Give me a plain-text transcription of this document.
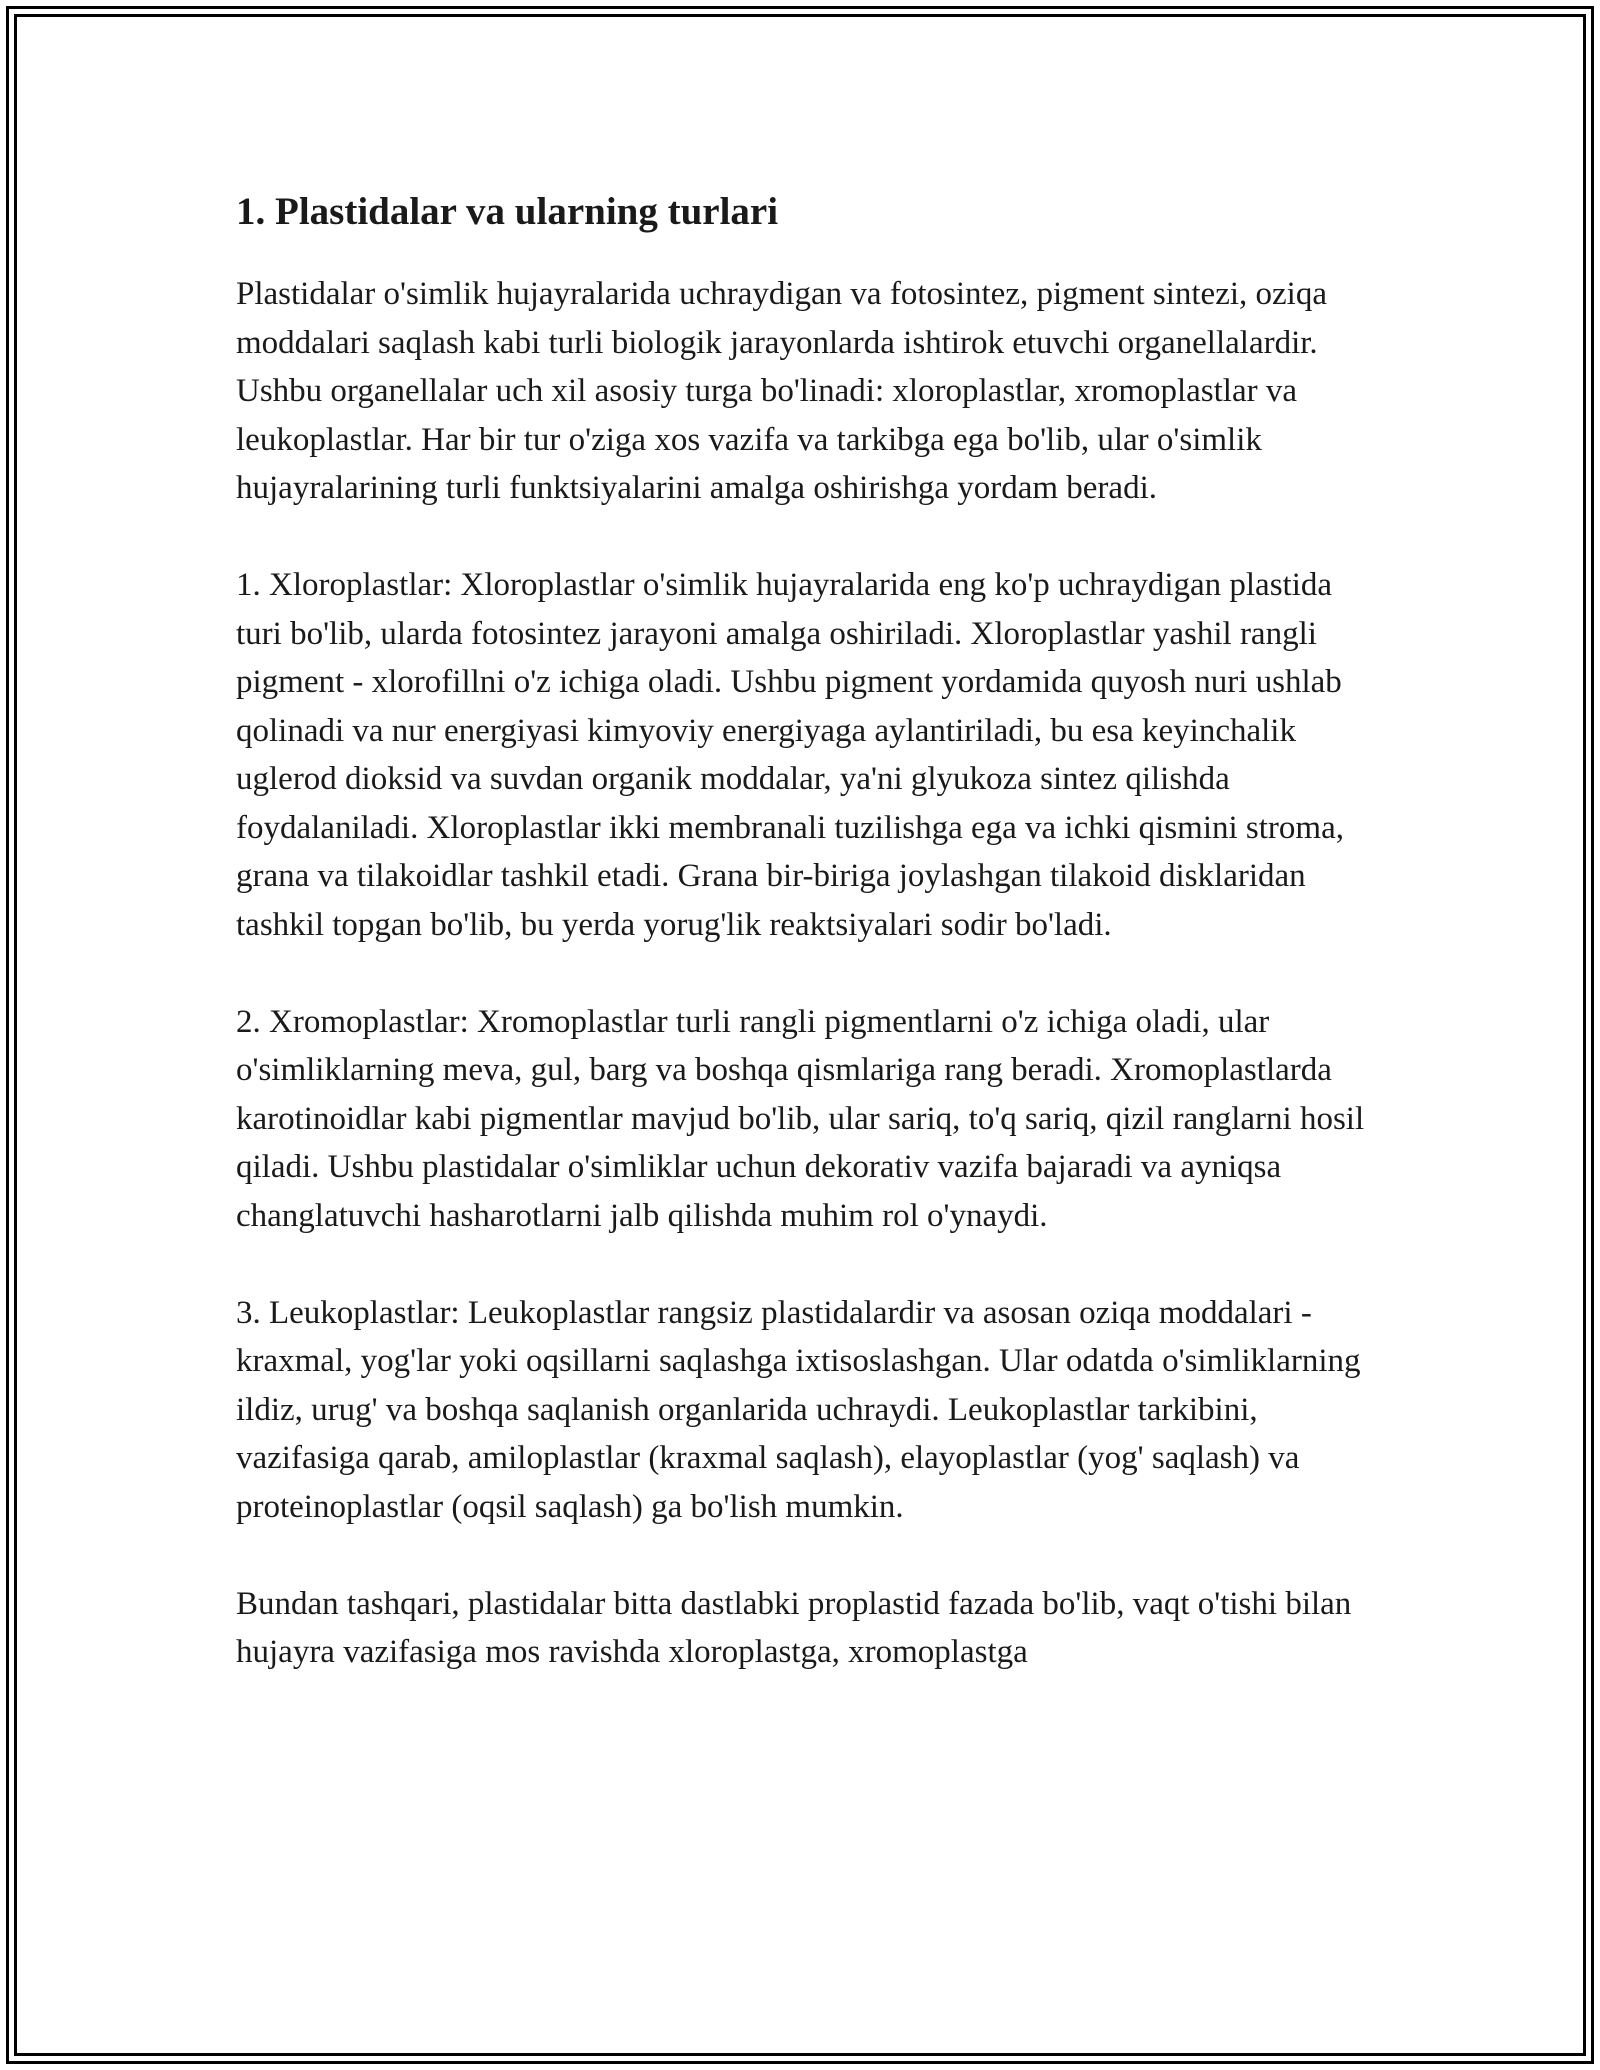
1. Plastidalar va ularning turlari

Plastidalar o'simlik hujayralarida uchraydigan va fotosintez, pigment sintezi, oziqa moddalari saqlash kabi turli biologik jarayonlarda ishtirok etuvchi organellalardir. Ushbu organellalar uch xil asosiy turga bo'linadi: xloroplastlar, xromoplastlar va leukoplastlar. Har bir tur o'ziga xos vazifa va tarkibga ega bo'lib, ular o'simlik hujayralarining turli funktsiyalarini amalga oshirishga yordam beradi.

1. Xloroplastlar: Xloroplastlar o'simlik hujayralarida eng ko'p uchraydigan plastida turi bo'lib, ularda fotosintez jarayoni amalga oshiriladi. Xloroplastlar yashil rangli pigment - xlorofillni o'z ichiga oladi. Ushbu pigment yordamida quyosh nuri ushlab qolinadi va nur energiyasi kimyoviy energiyaga aylantiriladi, bu esa keyinchalik uglerod dioksid va suvdan organik moddalar, ya'ni glyukoza sintez qilishda foydalaniladi. Xloroplastlar ikki membranali tuzilishga ega va ichki qismini stroma, grana va tilakoidlar tashkil etadi. Grana bir-biriga joylashgan tilakoid disklaridan tashkil topgan bo'lib, bu yerda yorug'lik reaktsiyalari sodir bo'ladi.

2. Xromoplastlar: Xromoplastlar turli rangli pigmentlarni o'z ichiga oladi, ular o'simliklarning meva, gul, barg va boshqa qismlariga rang beradi. Xromoplastlarda karotinoidlar kabi pigmentlar mavjud bo'lib, ular sariq, to'q sariq, qizil ranglarni hosil qiladi. Ushbu plastidalar o'simliklar uchun dekorativ vazifa bajaradi va ayniqsa changlatuvchi hasharotlarni jalb qilishda muhim rol o'ynaydi.

3. Leukoplastlar: Leukoplastlar rangsiz plastidalardir va asosan oziqa moddalari - kraxmal, yog'lar yoki oqsillarni saqlashga ixtisoslashgan. Ular odatda o'simliklarning ildiz, urug' va boshqa saqlanish organlarida uchraydi. Leukoplastlar tarkibini, vazifasiga qarab, amiloplastlar (kraxmal saqlash), elayoplastlar (yog' saqlash) va proteinoplastlar (oqsil saqlash) ga bo'lish mumkin.

Bundan tashqari, plastidalar bitta dastlabki proplastid fazada bo'lib, vaqt o'tishi bilan hujayra vazifasiga mos ravishda xloroplastga, xromoplastga
